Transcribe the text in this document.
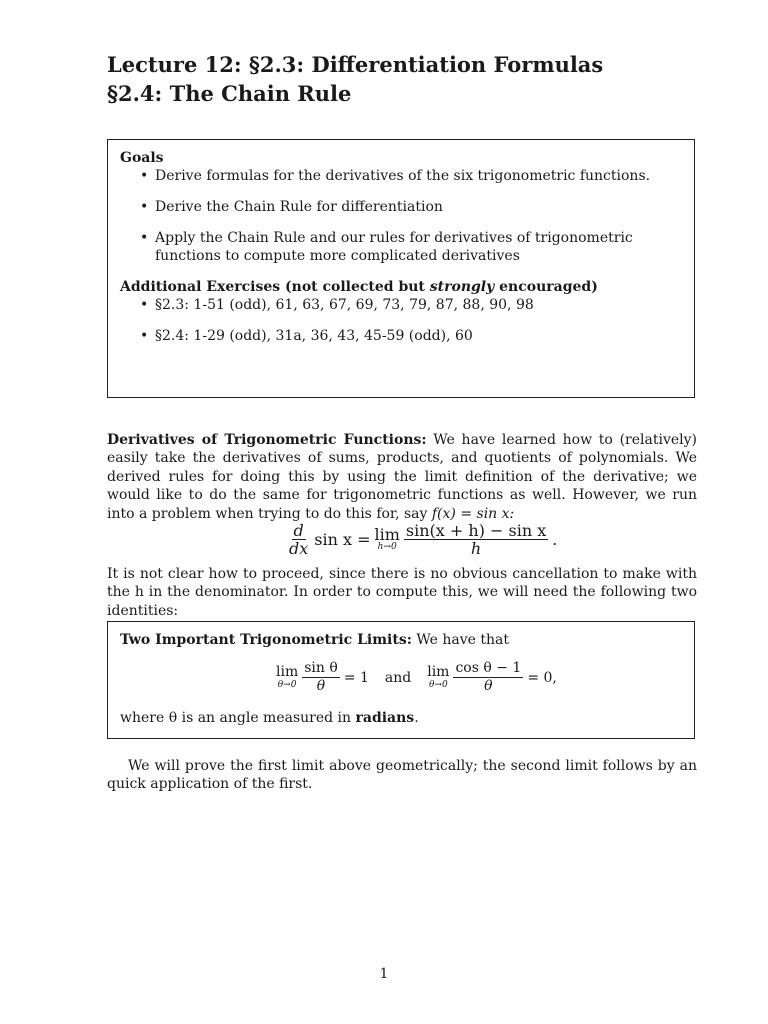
Lecture 12: §2.3: Differentiation Formulas
§2.4: The Chain Rule

Goals

• Derive formulas for the derivatives of the six trigonometric functions.
• Derive the Chain Rule for differentiation
• Apply the Chain Rule and our rules for derivatives of trigonometric functions to compute more complicated derivatives
Additional Exercises (not collected but strongly encouraged)
• §2.3: 1-51 (odd), 61, 63, 67, 69, 73, 79, 87, 88, 90, 98
• §2.4: 1-29 (odd), 31a, 36, 43, 45-59 (odd), 60

Derivatives of Trigonometric Functions: We have learned how to (relatively) easily take the derivatives of sums, products, and quotients of polynomials. We derived rules for doing this by using the limit definition of the derivative; we would like to do the same for trigonometric functions as well. However, we run into a problem when trying to do this for, say f(x) = sin x:

$\frac{d}{dx}$ sin x = lim
$h\to 0 \frac{\text{sin(x + h) − sin x}}{h}$ .

It is not clear how to proceed, since there is no obvious cancellation to make with the h in the denominator. In order to compute this, we will need the following two identities:

Two Important Trigonometric Limits: We have that
lim
$\theta\to 0 \frac{\text{sin θ}}{\theta} = 1$ and lim
$\theta\to 0 \frac{\text{cos θ − 1}}{\theta} = 0$,
where θ is an angle measured in radians.

We will prove the first limit above geometrically; the second limit follows by an quick application of the first.

1
